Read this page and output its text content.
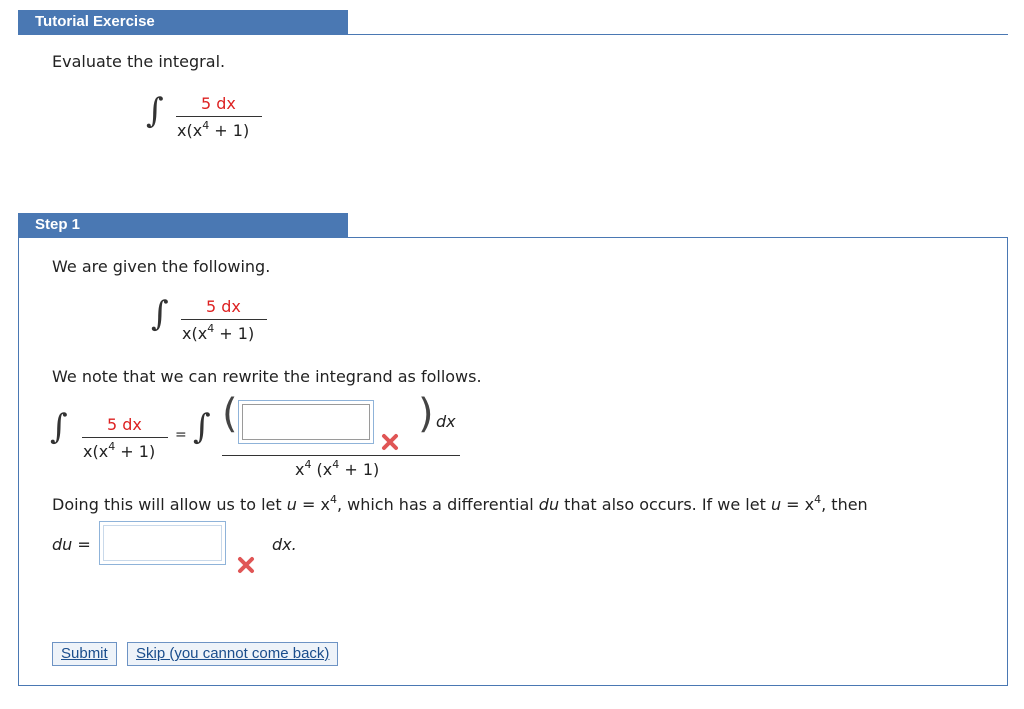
Tutorial Exercise
Evaluate the integral.
∫ 5 dx
$x(x^4 + 1)$
Step 1
We are given the following.
∫ 5 dx
$x(x^4 + 1)$
We note that we can rewrite the integrand as follows.
∫ 5 dx
$x(x^4 + 1)$
= ∫ (	) dx
$x^4$ $(x^4 + 1)$
Doing this will allow us to let $u = x^4$, which has a differential du that also occurs. If we let $u = x^4$, then
du =	dx.
Submit	Skip (you cannot come back)
